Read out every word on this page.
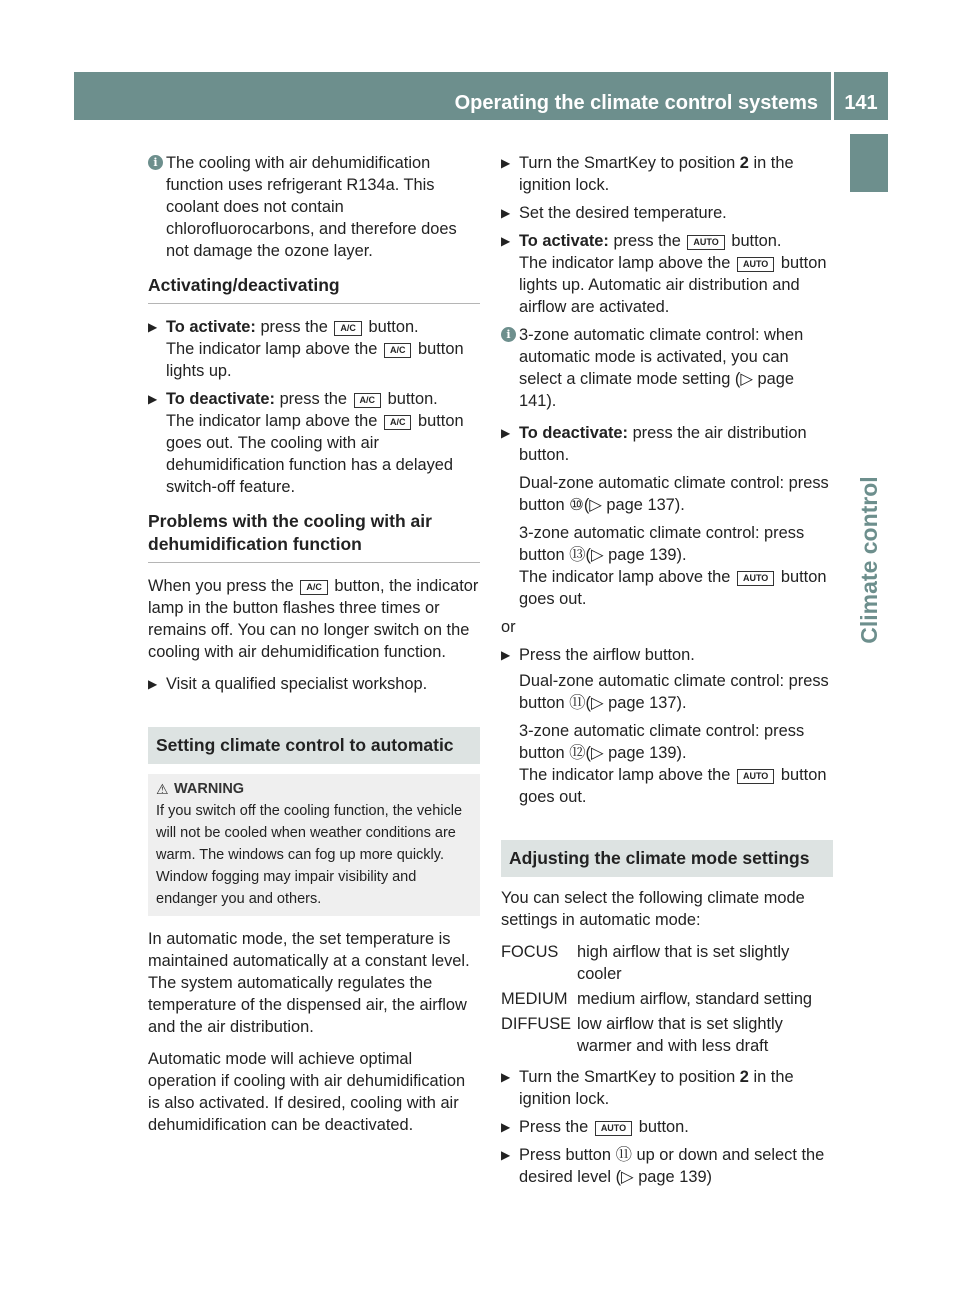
Operating the climate control systems	141
Climate control
i The cooling with air dehumidification function uses refrigerant R134a. This coolant does not contain chlorofluorocarbons, and therefore does not damage the ozone layer.
Activating/deactivating
▶ To activate: press the A/C button.
The indicator lamp above the A/C button lights up.
▶ To deactivate: press the A/C button.
The indicator lamp above the A/C button goes out. The cooling with air dehumidification function has a delayed switch-off feature.
Problems with the cooling with air dehumidification function
When you press the A/C button, the indicator lamp in the button flashes three times or remains off. You can no longer switch on the cooling with air dehumidification function.
▶ Visit a qualified specialist workshop.
Setting climate control to automatic
⚠ WARNING
If you switch off the cooling function, the vehicle will not be cooled when weather conditions are warm. The windows can fog up more quickly. Window fogging may impair visibility and endanger you and others.
In automatic mode, the set temperature is maintained automatically at a constant level. The system automatically regulates the temperature of the dispensed air, the airflow and the air distribution.
Automatic mode will achieve optimal operation if cooling with air dehumidification is also activated. If desired, cooling with air dehumidification can be deactivated.
▶ Turn the SmartKey to position 2 in the ignition lock.
▶ Set the desired temperature.
▶ To activate: press the AUTO button.
The indicator lamp above the AUTO button lights up. Automatic air distribution and airflow are activated.
i 3-zone automatic climate control: when automatic mode is activated, you can select a climate mode setting (▷ page 141).
▶ To deactivate: press the air distribution button.
Dual-zone automatic climate control: press button ⑩(▷ page 137).
3-zone automatic climate control: press button ⑬(▷ page 139).
The indicator lamp above the AUTO button goes out.
or
▶ Press the airflow button.
Dual-zone automatic climate control: press button ⑪(▷ page 137).
3-zone automatic climate control: press button ⑫(▷ page 139).
The indicator lamp above the AUTO button goes out.
Adjusting the climate mode settings
You can select the following climate mode settings in automatic mode:
FOCUS	high airflow that is set slightly cooler
MEDIUM	medium airflow, standard setting
DIFFUSE	low airflow that is set slightly warmer and with less draft
▶ Turn the SmartKey to position 2 in the ignition lock.
▶ Press the AUTO button.
▶ Press button ⑪ up or down and select the desired level (▷ page 139)
